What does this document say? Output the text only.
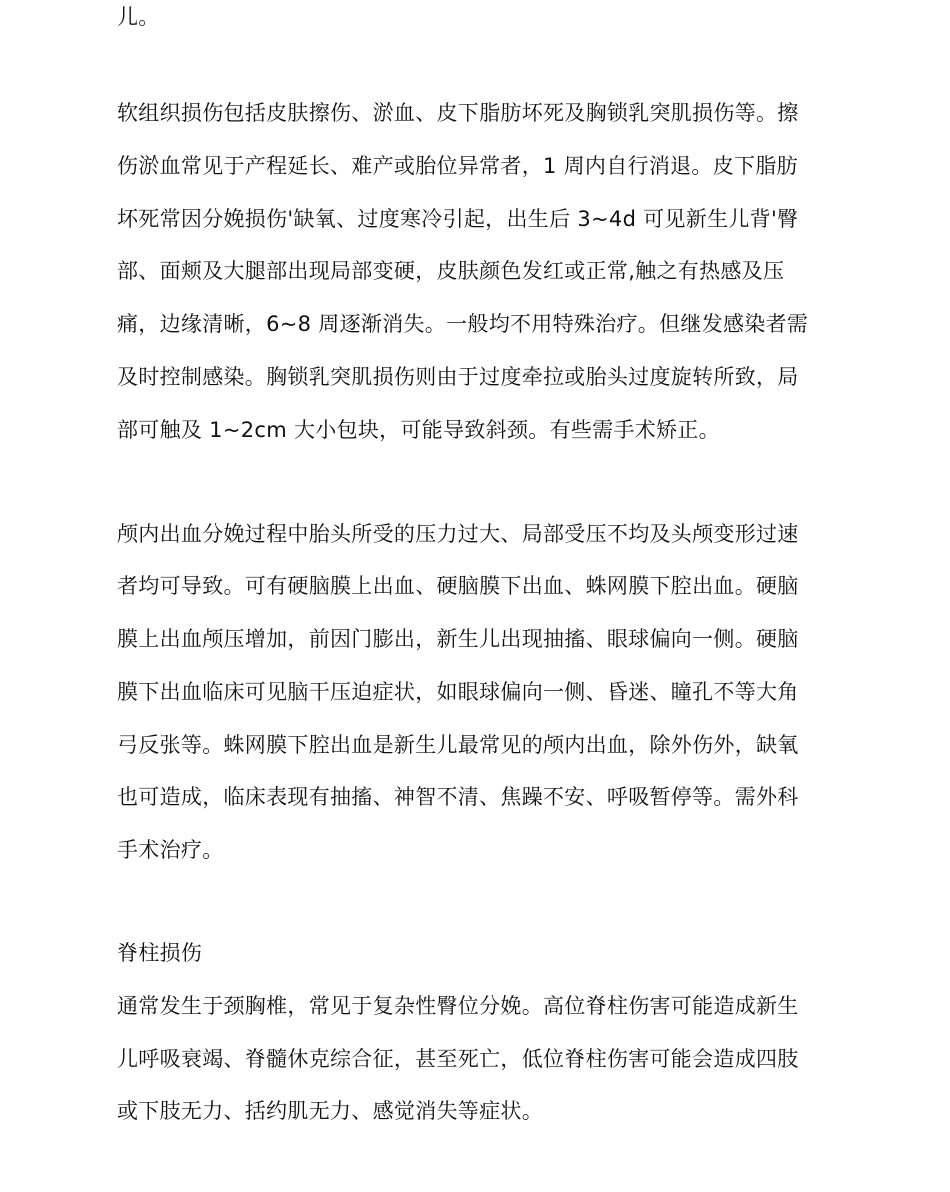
儿。
软组织损伤包括皮肤擦伤、淤血、皮下脂肪坏死及胸锁乳突肌损伤等。擦
伤淤血常见于产程延长、难产或胎位异常者，1 周内自行消退。皮下脂肪
坏死常因分娩损伤'缺氧、过度寒冷引起，出生后 3~4d 可见新生儿背'臀
部、面颊及大腿部出现局部变硬，皮肤颜色发红或正常,触之有热感及压
痛，边缘清晰，6~8 周逐渐消失。一般均不用特殊治疗。但继发感染者需
及时控制感染。胸锁乳突肌损伤则由于过度牵拉或胎头过度旋转所致，局
部可触及 1~2cm 大小包块，可能导致斜颈。有些需手术矫正。
颅内出血分娩过程中胎头所受的压力过大、局部受压不均及头颅变形过速
者均可导致。可有硬脑膜上出血、硬脑膜下出血、蛛网膜下腔出血。硬脑
膜上出血颅压增加，前因门膨出，新生儿出现抽搐、眼球偏向一侧。硬脑
膜下出血临床可见脑干压迫症状，如眼球偏向一侧、昏迷、瞳孔不等大角
弓反张等。蛛网膜下腔出血是新生儿最常见的颅内出血，除外伤外，缺氧
也可造成，临床表现有抽搐、神智不清、焦躁不安、呼吸暂停等。需外科
手术治疗。
脊柱损伤
通常发生于颈胸椎，常见于复杂性臀位分娩。高位脊柱伤害可能造成新生
儿呼吸衰竭、脊髓休克综合征，甚至死亡，低位脊柱伤害可能会造成四肢
或下肢无力、括约肌无力、感觉消失等症状。
